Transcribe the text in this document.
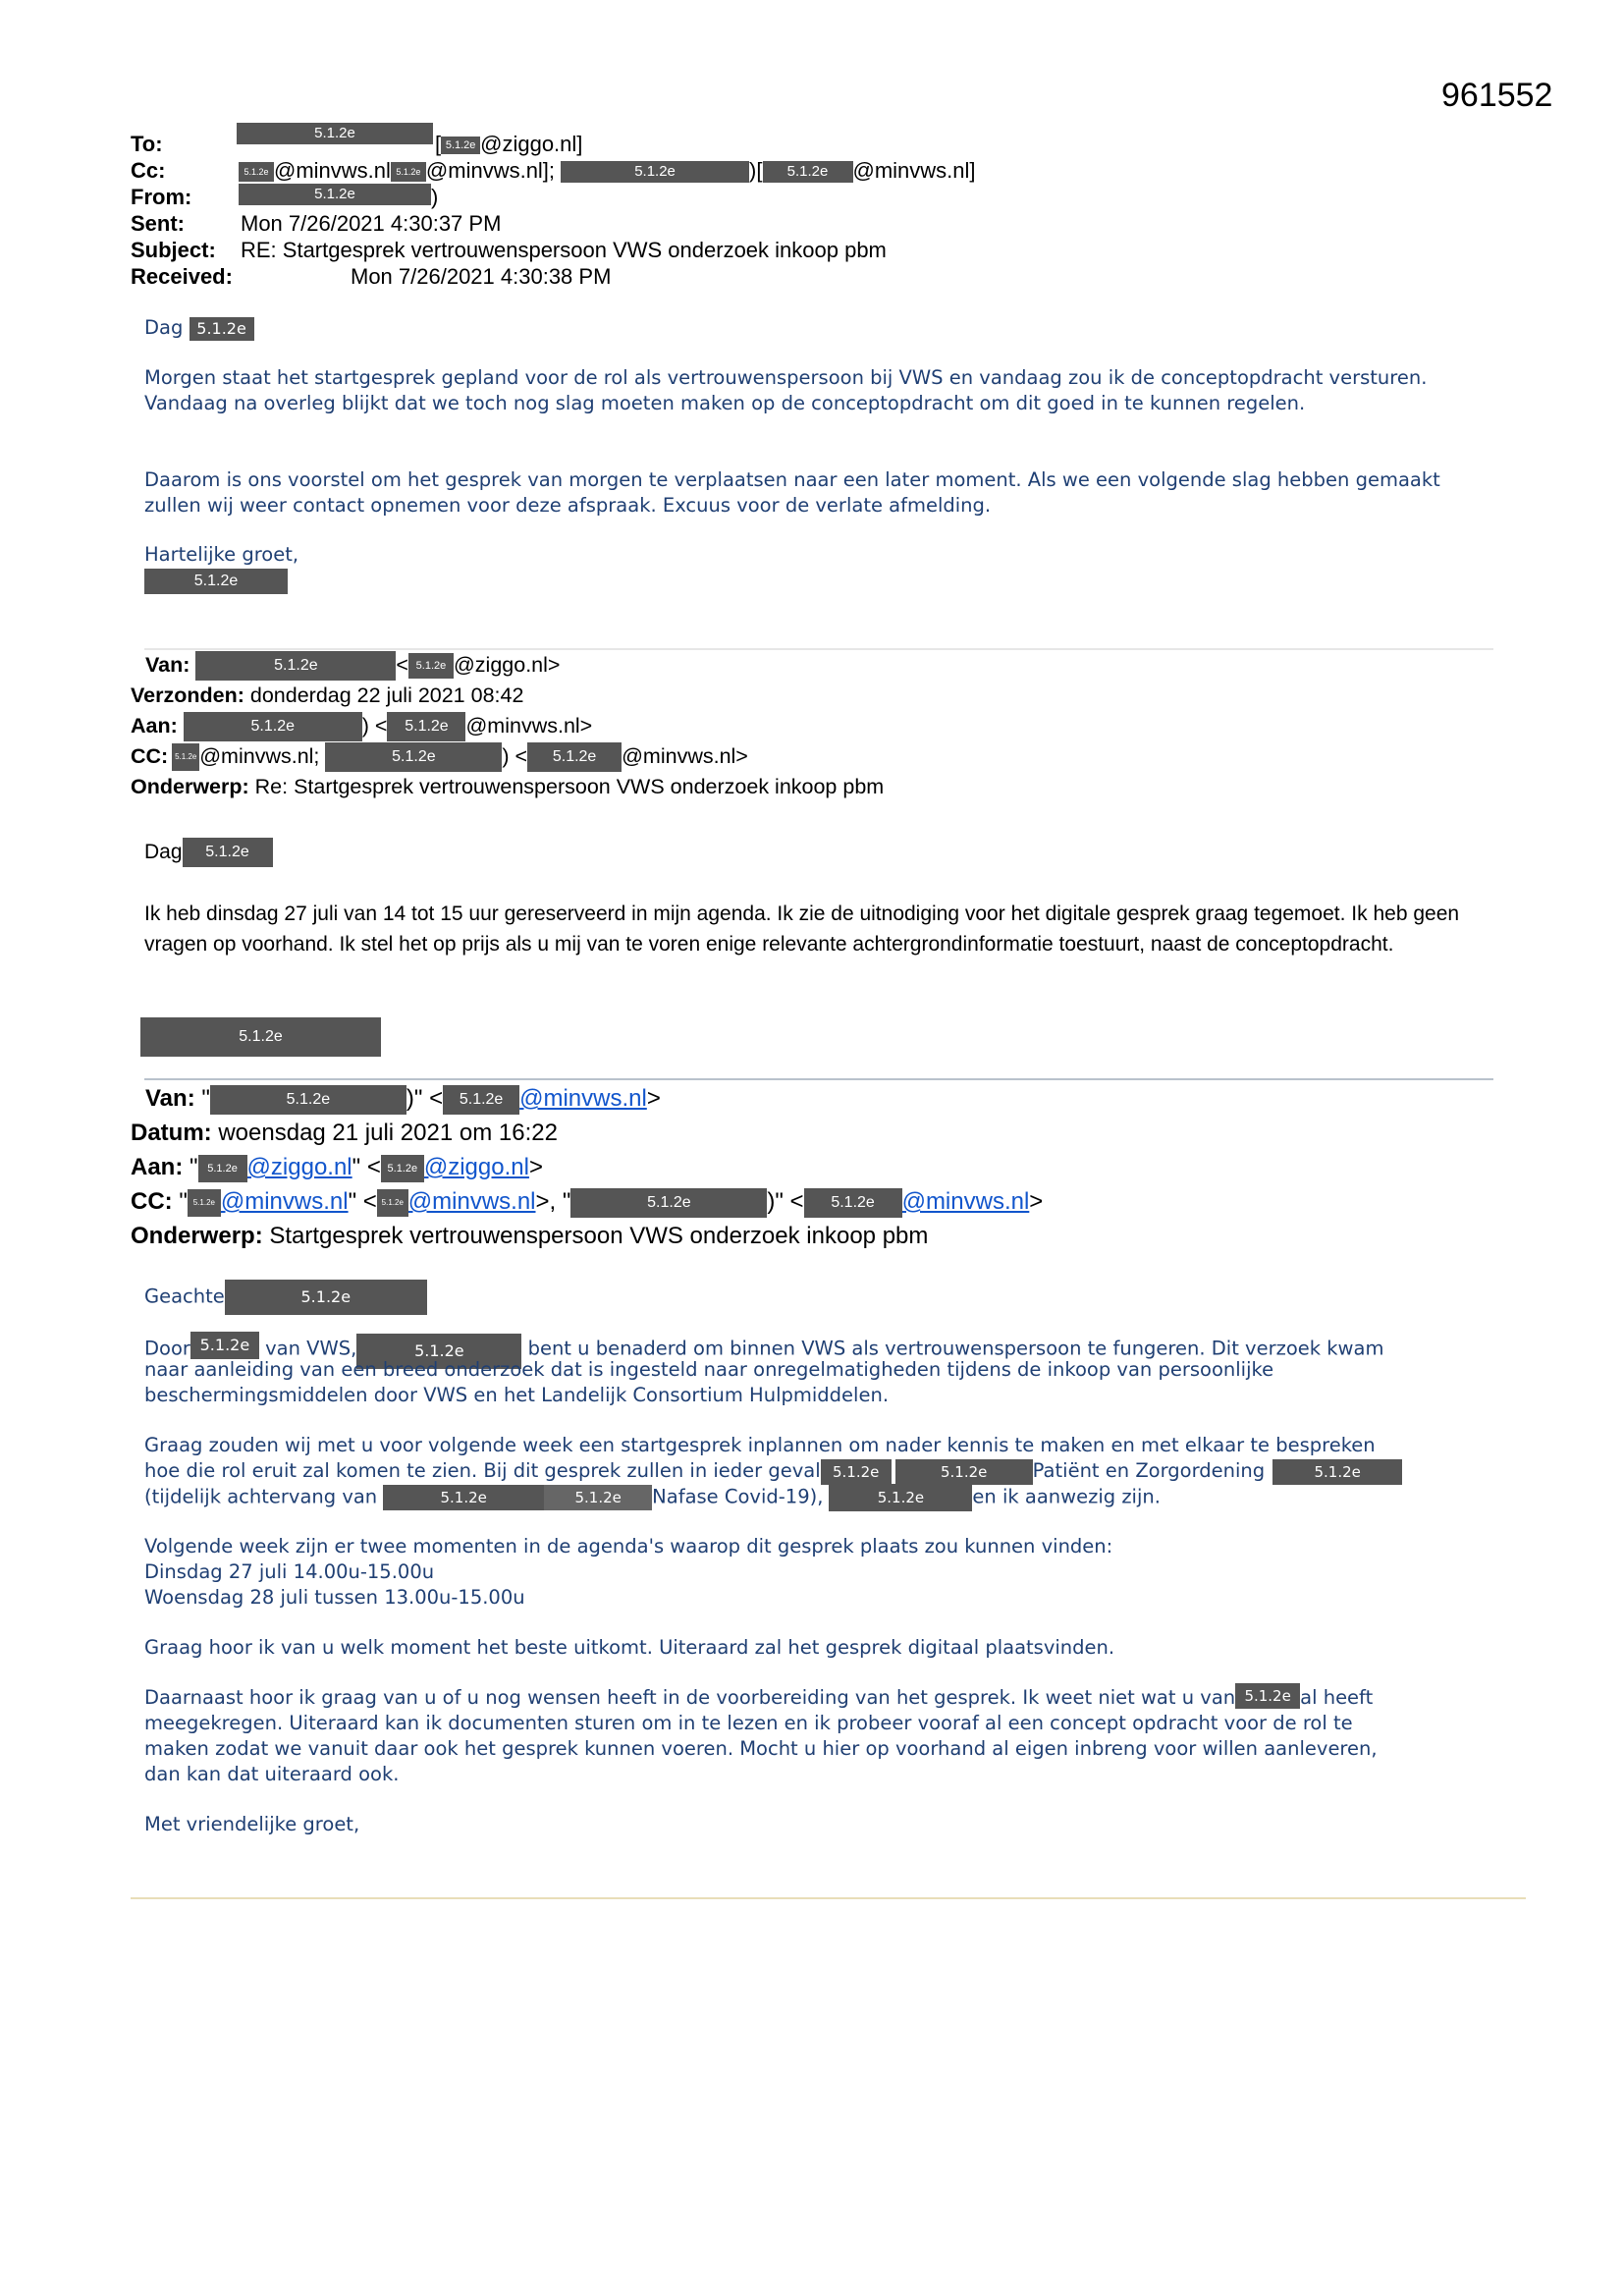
961552
To:	5.1.2e	[ 5.1.2e @ziggo.nl]
Cc:	5.1.2e @minvws.nl 5.1.2e @minvws.nl];	5.1.2e	)[ 5.1.2e @minvws.nl]
From:	5.1.2e	)
Sent:	Mon 7/26/2021 4:30:37 PM
Subject: RE: Startgesprek vertrouwenspersoon VWS onderzoek inkoop pbm
Received:	Mon 7/26/2021 4:30:38 PM
Dag 5.1.2e

Morgen staat het startgesprek gepland voor de rol als vertrouwenspersoon bij VWS en vandaag zou ik de conceptopdracht versturen. Vandaag na overleg blijkt dat we toch nog slag moeten maken op de conceptopdracht om dit goed in te kunnen regelen.

Daarom is ons voorstel om het gesprek van morgen te verplaatsen naar een later moment. Als we een volgende slag hebben gemaakt zullen wij weer contact opnemen voor deze afspraak. Excuus voor de verlate afmelding.

Hartelijke groet,
5.1.2e
Van:	5.1.2e	< 5.1.2e @ziggo.nl>
Verzonden: donderdag 22 juli 2021 08:42
Aan:	5.1.2e	) < 5.1.2e @minvws.nl>
CC: 5.1.2e @minvws.nl;	5.1.2e	) < 5.1.2e @minvws.nl>
Onderwerp: Re: Startgesprek vertrouwenspersoon VWS onderzoek inkoop pbm
Dag 5.1.2e

Ik heb dinsdag 27 juli van 14 tot 15 uur gereserveerd in mijn agenda. Ik zie de uitnodiging voor het digitale gesprek graag tegemoet. Ik heb geen vragen op voorhand. Ik stel het op prijs als u mij van te voren enige relevante achtergrondinformatie toestuurt, naast de conceptopdracht.

5.1.2e
Van: "	5.1.2e	)" < 5.1.2e @minvws.nl>
Datum: woensdag 21 juli 2021 om 16:22
Aan: " 5.1.2e @ziggo.nl" < 5.1.2e @ziggo.nl>
CC: " 5.1.2e @minvws.nl" < 5.1.2e @minvws.nl>, "	5.1.2e	)" < 5.1.2e @minvws.nl>
Onderwerp: Startgesprek vertrouwenspersoon VWS onderzoek inkoop pbm
Geachte	5.1.2e
Door 5.1.2e van VWS,	5.1.2e	bent u benaderd om binnen VWS als vertrouwenspersoon te fungeren. Dit verzoek kwam
naar aanleiding van een breed onderzoek dat is ingesteld naar onregelmatigheden tijdens de inkoop van persoonlijke
beschermingsmiddelen door VWS en het Landelijk Consortium Hulpmiddelen.
Graag zouden wij met u voor volgende week een startgesprek inplannen om nader kennis te maken en met elkaar te bespreken
hoe die rol eruit zal komen te zien. Bij dit gesprek zullen in ieder geval 5.1.2e	5.1.2e Patiënt en Zorgordening	5.1.2e
(tijdelijk achtervang van	5.1.2e	5.1.2e Nafase Covid-19),	5.1.2e	en ik aanwezig zijn.
Volgende week zijn er twee momenten in de agenda's waarop dit gesprek plaats zou kunnen vinden:
Dinsdag 27 juli 14.00u-15.00u
Woensdag 28 juli tussen 13.00u-15.00u
Graag hoor ik van u welk moment het beste uitkomt. Uiteraard zal het gesprek digitaal plaatsvinden.
Daarnaast hoor ik graag van u of u nog wensen heeft in de voorbereiding van het gesprek. Ik weet niet wat u van 5.1.2e al heeft
meegekregen. Uiteraard kan ik documenten sturen om in te lezen en ik probeer vooraf al een concept opdracht voor de rol te
maken zodat we vanuit daar ook het gesprek kunnen voeren. Mocht u hier op voorhand al eigen inbreng voor willen aanleveren,
dan kan dat uiteraard ook.
Met vriendelijke groet,
